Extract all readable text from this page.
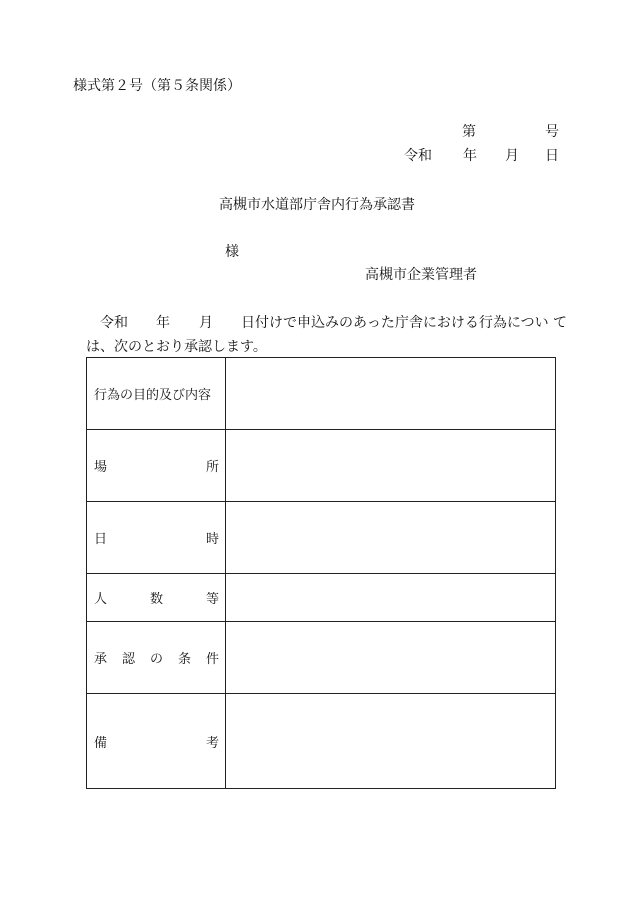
様式第２号（第５条関係）
第	号
令和 年 月 日
高槻市水道部庁舎内行為承認書
様
高槻市企業管理者
令和 年 月 日付けで申込みのあった庁舎における行為につい て
は、次のとおり承認します。
行為の目的及び内容	

場 所	

日 時	

人 数 等	

承 認 の 条 件	

備 考	
